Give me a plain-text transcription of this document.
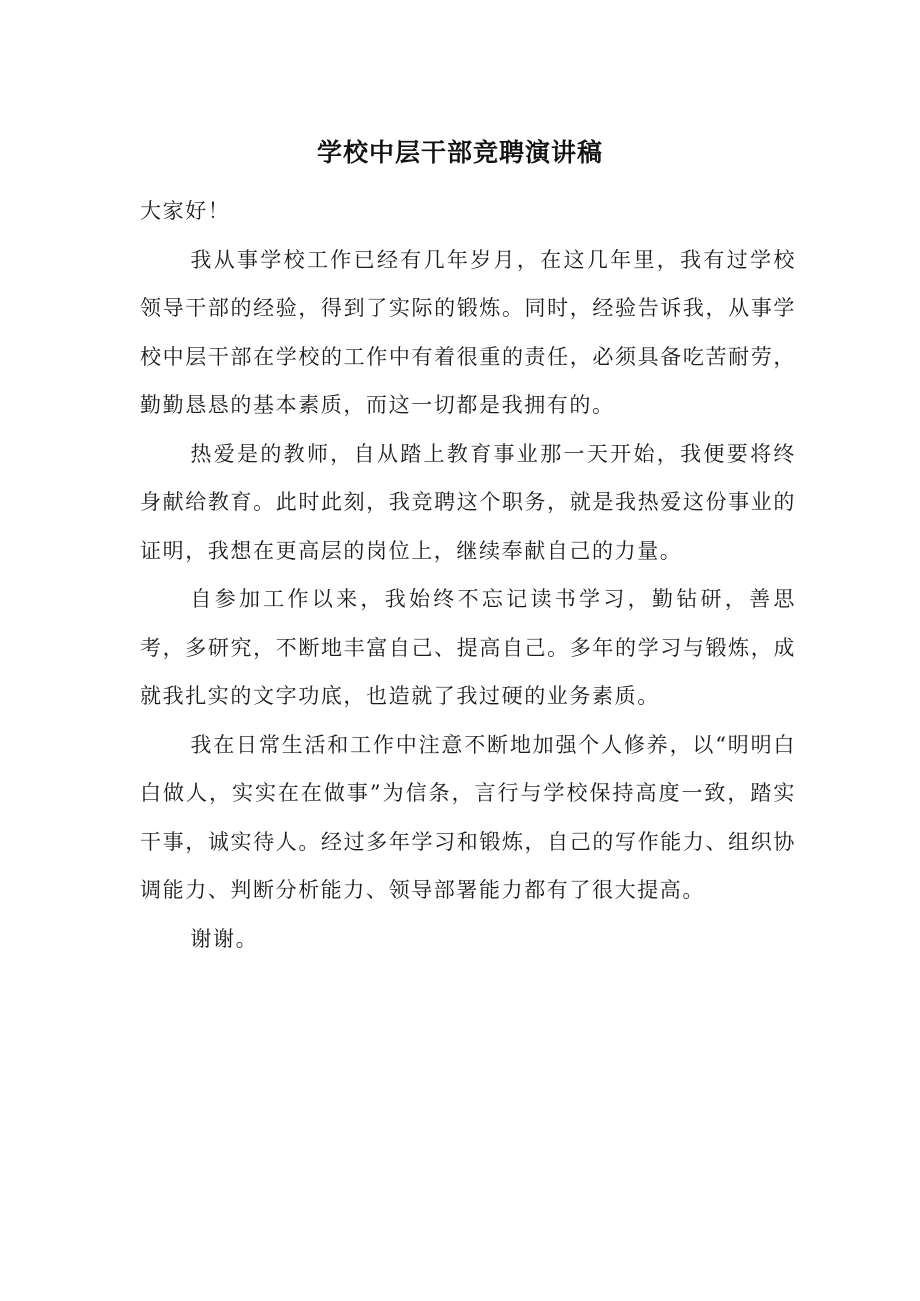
学校中层干部竞聘演讲稿

大家好！

我从事学校工作已经有几年岁月，在这几年里，我有过学校领导干部的经验，得到了实际的锻炼。同时，经验告诉我，从事学校中层干部在学校的工作中有着很重的责任，必须具备吃苦耐劳，勤勤恳恳的基本素质，而这一切都是我拥有的。

热爱是的教师，自从踏上教育事业那一天开始，我便要将终身献给教育。此时此刻，我竞聘这个职务，就是我热爱这份事业的证明，我想在更高层的岗位上，继续奉献自己的力量。

自参加工作以来，我始终不忘记读书学习，勤钻研，善思考，多研究，不断地丰富自己、提高自己。多年的学习与锻炼，成就我扎实的文字功底，也造就了我过硬的业务素质。

我在日常生活和工作中注意不断地加强个人修养，以“明明白白做人，实实在在做事”为信条，言行与学校保持高度一致，踏实干事，诚实待人。经过多年学习和锻炼，自己的写作能力、组织协调能力、判断分析能力、领导部署能力都有了很大提高。

谢谢。
